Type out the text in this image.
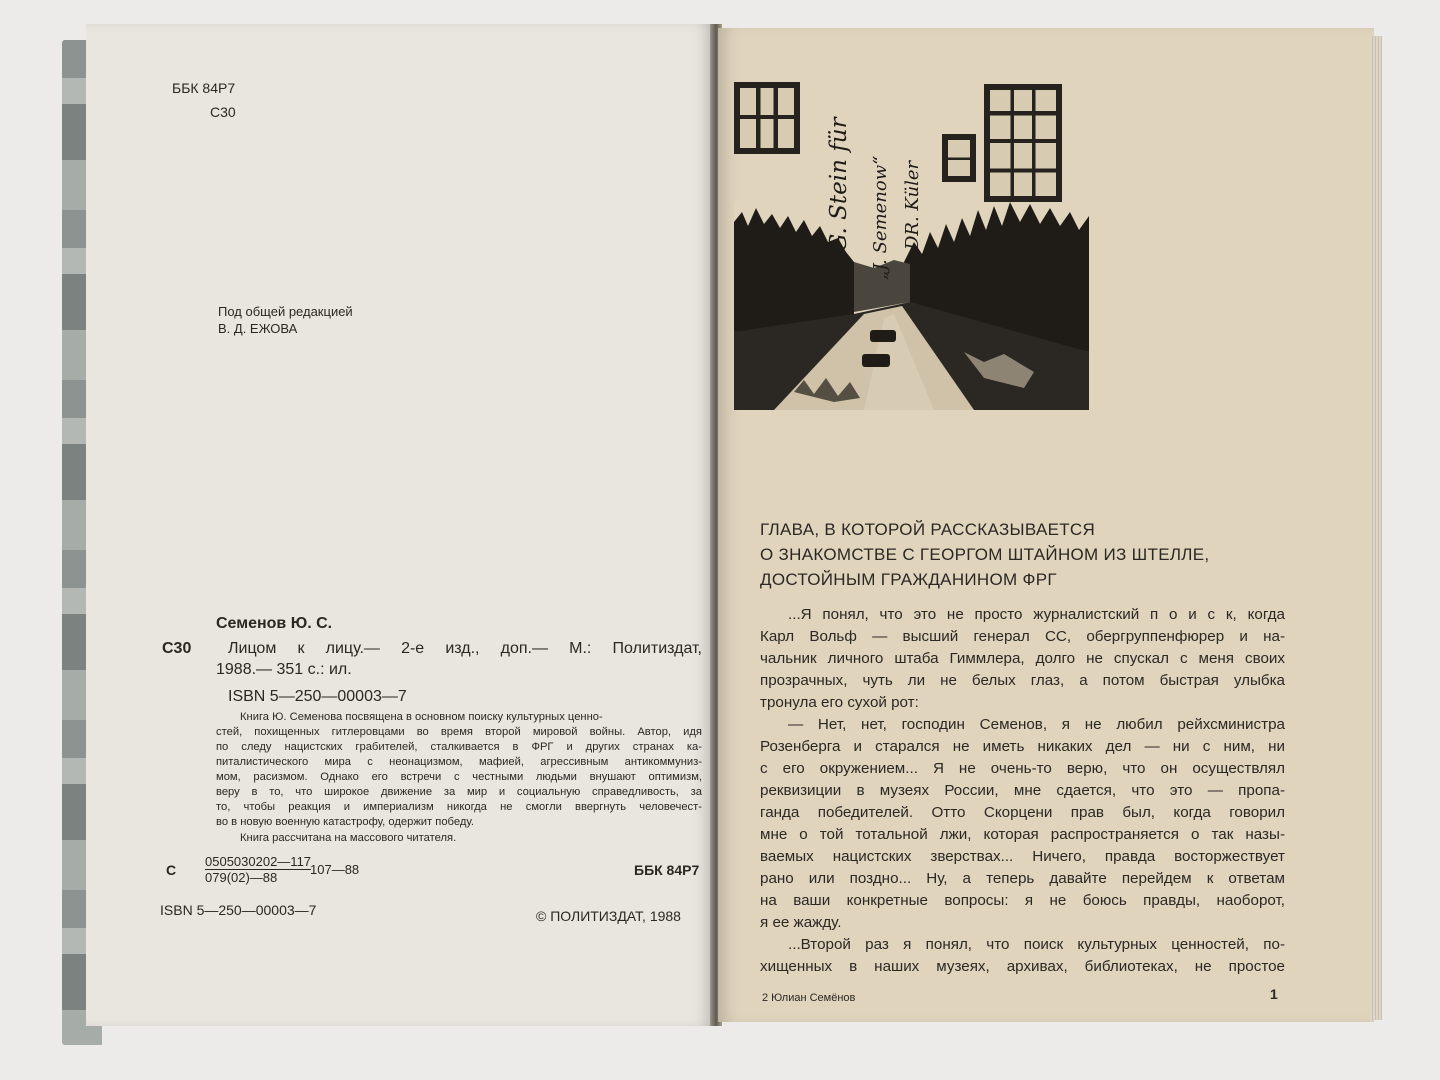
ББК 84Р7
С30
Под общей редакцией
В. Д. ЕЖОВА
Семенов Ю. С.
С30 Лицом к лицу.— 2-е изд., доп.— М.: Политиздат,
1988.— 351 с.: ил.
ISBN 5—250—00003—7
Книга Ю. Семенова посвящена в основном поиску культурных ценно-
стей, похищенных гитлеровцами во время второй мировой войны. Автор, идя
по следу нацистских грабителей, сталкивается в ФРГ и других странах ка-
питалистического мира с неонацизмом, мафией, агрессивным антикоммуниз-
мом, расизмом. Однако его встречи с честными людьми внушают оптимизм,
веру в то, что широкое движение за мир и социальную справедливость, за
то, чтобы реакция и империализм никогда не смогли ввергнуть человечест-
во в новую военную катастрофу, одержит победу.
Книга рассчитана на массового читателя.
С
0505030202—117
079(02)—88
107—88	ББК 84Р7
ISBN 5—250—00003—7	© ПОЛИТИЗДАТ, 1988
G. Stein für „J. Semenow“ DR. Küler
ГЛАВА, В КОТОРОЙ РАССКАЗЫВАЕТСЯ
О ЗНАКОМСТВЕ С ГЕОРГОМ ШТАЙНОМ ИЗ ШТЕЛЛЕ,
ДОСТОЙНЫМ ГРАЖДАНИНОМ ФРГ
...Я понял, что это не просто журналистский п о и с к, когда
Карл Вольф — высший генерал СС, обергруппенфюрер и на-
чальник личного штаба Гиммлера, долго не спускал с меня своих
прозрачных, чуть ли не белых глаз, а потом быстрая улыбка
тронула его сухой рот:
— Нет, нет, господин Семенов, я не любил рейхсминистра
Розенберга и старался не иметь никаких дел — ни с ним, ни
с его окружением... Я не очень-то верю, что он осуществлял
реквизиции в музеях России, мне сдается, что это — пропа-
ганда победителей. Отто Скорцени прав был, когда говорил
мне о той тотальной лжи, которая распространяется о так назы-
ваемых нацистских зверствах... Ничего, правда восторжествует
рано или поздно... Ну, а теперь давайте перейдем к ответам
на ваши конкретные вопросы: я не боюсь правды, наоборот,
я ее жажду.
...Второй раз я понял, что поиск культурных ценностей, по-
хищенных в наших музеях, архивах, библиотеках, не простое
2 Юлиан Семёнов	1
